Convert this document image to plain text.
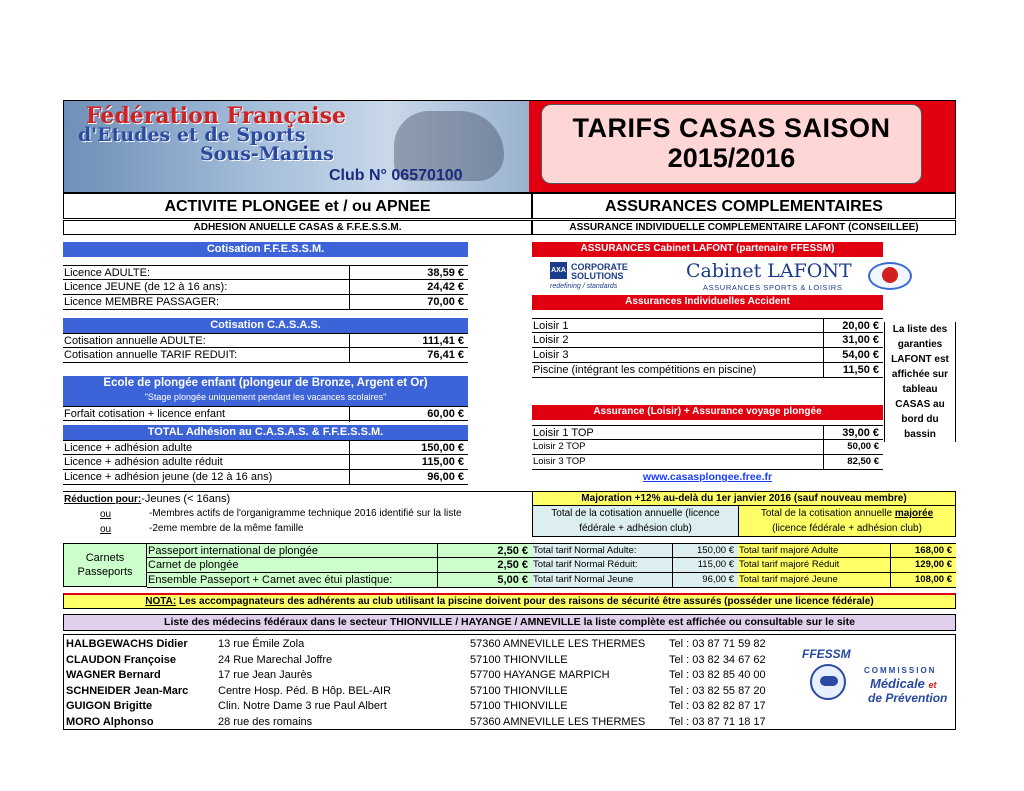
Fédération Française
d'Etudes et de Sports
Sous-Marins
Club N° 06570100
TARIFS CASAS SAISON
2015/2016
ACTIVITE PLONGEE et / ou APNEE	ASSURANCES COMPLEMENTAIRES
ADHESION ANUELLE CASAS & F.F.E.S.S.M.	ASSURANCE INDIVIDUELLE COMPLEMENTAIRE LAFONT (CONSEILLEE)
Cotisation F.F.E.S.S.M.
Cotisation C.A.S.A.S.
Ecole de plongée enfant (plongeur de Bronze, Argent et Or)
"Stage plongée uniquement pendant les vacances scolaires"
TOTAL Adhésion au C.A.S.A.S. & F.F.E.S.S.M.
Licence ADULTE:	38,59 €
Licence JEUNE (de 12 à 16 ans):	24,42 €
Licence MEMBRE PASSAGER:	70,00 €
Cotisation annuelle ADULTE:	111,41 €
Cotisation annuelle TARIF REDUIT:	76,41 €
Forfait cotisation + licence enfant	60,00 €
Licence + adhésion adulte	150,00 €
Licence + adhésion adulte réduit	115,00 €
Licence + adhésion jeune (de 12 à 16 ans)	96,00 €
Réduction pour:-Jeunes (< 16ans)
ou	-Membres actifs de l'organigramme technique 2016 identifié sur la liste
ou	-2eme membre de la même famille
Carnets
Passeports
Passeport international de plongée	2,50 €
Carnet de plongée	2,50 €
Ensemble Passeport + Carnet avec étui plastique:	5,00 €
ASSURANCES Cabinet LAFONT (partenaire FFESSM)
AXA CORPORATE
SOLUTIONS
redefining / standards
Cabinet LAFONT
ASSURANCES SPORTS & LOISIRS
Assurances Individuelles Accident
Loisir 1	20,00 €
Loisir 2	31,00 €
Loisir 3	54,00 €
Piscine (intégrant les compétitions en piscine)	11,50 €
Loisir 1 TOP	39,00 €
Loisir 2 TOP	50,00 €
Loisir 3 TOP	82,50 €
La liste des garanties LAFONT est affichée sur tableau CASAS au bord du bassin
Assurance (Loisir) + Assurance voyage plongée
www.casasplongee.free.fr
Majoration +12% au-delà du 1er janvier 2016 (sauf nouveau membre)
Total de la cotisation annuelle (licence
fédérale + adhésion club)
Total de la cotisation annuelle majorée
(licence fédérale + adhésion club)
Total tarif Normal Adulte:	150,00 € Total tarif majoré Adulte	168,00 €
Total tarif Normal Réduit:	115,00 € Total tarif majoré Réduit	129,00 €
Total tarif Normal Jeune	96,00 € Total tarif majoré Jeune	108,00 €
NOTA: Les accompagnateurs des adhérents au club utilisant la piscine doivent pour des raisons de sécurité être assurés (posséder une licence fédérale)
Liste des médecins fédéraux dans le secteur THIONVILLE / HAYANGE / AMNEVILLE la liste complète est affichée ou consultable sur le site
HALBGEWACHS Didier	13 rue Émile Zola	57360 AMNEVILLE LES THERMES Tel : 03 87 71 59 82
CLAUDON Françoise	24 Rue Marechal Joffre	57100 THIONVILLE	Tel : 03 82 34 67 62
WAGNER Bernard	17 rue Jean Jaurès	57700 HAYANGE MARPICH	Tel : 03 82 85 40 00
SCHNEIDER Jean-Marc	Centre Hosp. Péd. B Hôp. BEL-AIR	57100 THIONVILLE	Tel : 03 82 55 87 20
GUIGON Brigitte	Clin. Notre Dame 3 rue Paul Albert	57100 THIONVILLE	Tel : 03 82 82 87 17
MORO Alphonso	28 rue des romains	57360 AMNEVILLE LES THERMES Tel : 03 87 71 18 17
FFESSM
COMMISSION
Médicale et
de Prévention
